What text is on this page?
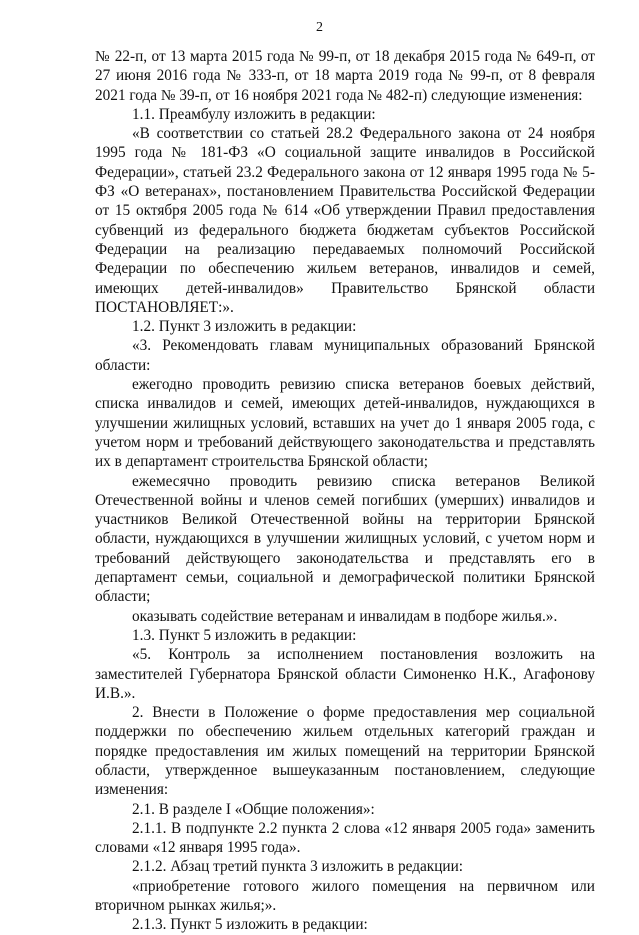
2

№ 22-п, от 13 марта 2015 года № 99-п, от 18 декабря 2015 года № 649-п, от 27 июня 2016 года № 333-п, от 18 марта 2019 года № 99-п, от 8 февраля 2021 года № 39-п, от 16 ноября 2021 года № 482-п) следующие изменения:

1.1. Преамбулу изложить в редакции:

«В соответствии со статьей 28.2 Федерального закона от 24 ноября 1995 года № 181-ФЗ «О социальной защите инвалидов в Российской Федерации», статьей 23.2 Федерального закона от 12 января 1995 года № 5-ФЗ «О ветеранах», постановлением Правительства Российской Федерации от 15 октября 2005 года № 614 «Об утверждении Правил предоставления субвенций из федерального бюджета бюджетам субъектов Российской Федерации на реализацию передаваемых полномочий Российской Федерации по обеспечению жильем ветеранов, инвалидов и семей, имеющих детей-инвалидов» Правительство Брянской области ПОСТАНОВЛЯЕТ:».

1.2. Пункт 3 изложить в редакции:

«3. Рекомендовать главам муниципальных образований Брянской области:

ежегодно проводить ревизию списка ветеранов боевых действий, списка инвалидов и семей, имеющих детей-инвалидов, нуждающихся в улучшении жилищных условий, вставших на учет до 1 января 2005 года, с учетом норм и требований действующего законодательства и представлять их в департамент строительства Брянской области;

ежемесячно проводить ревизию списка ветеранов Великой Отечественной войны и членов семей погибших (умерших) инвалидов и участников Великой Отечественной войны на территории Брянской области, нуждающихся в улучшении жилищных условий, с учетом норм и требований действующего законодательства и представлять его в департамент семьи, социальной и демографической политики Брянской области;

оказывать содействие ветеранам и инвалидам в подборе жилья.».

1.3. Пункт 5 изложить в редакции:

«5. Контроль за исполнением постановления возложить на заместителей Губернатора Брянской области Симоненко Н.К., Агафонову И.В.».

2. Внести в Положение о форме предоставления мер социальной поддержки по обеспечению жильем отдельных категорий граждан и порядке предоставления им жилых помещений на территории Брянской области, утвержденное вышеуказанным постановлением, следующие изменения:

2.1. В разделе I «Общие положения»:

2.1.1. В подпункте 2.2 пункта 2 слова «12 января 2005 года» заменить словами «12 января 1995 года».

2.1.2. Абзац третий пункта 3 изложить в редакции:

«приобретение готового жилого помещения на первичном или вторичном рынках жилья;».

2.1.3. Пункт 5 изложить в редакции:
